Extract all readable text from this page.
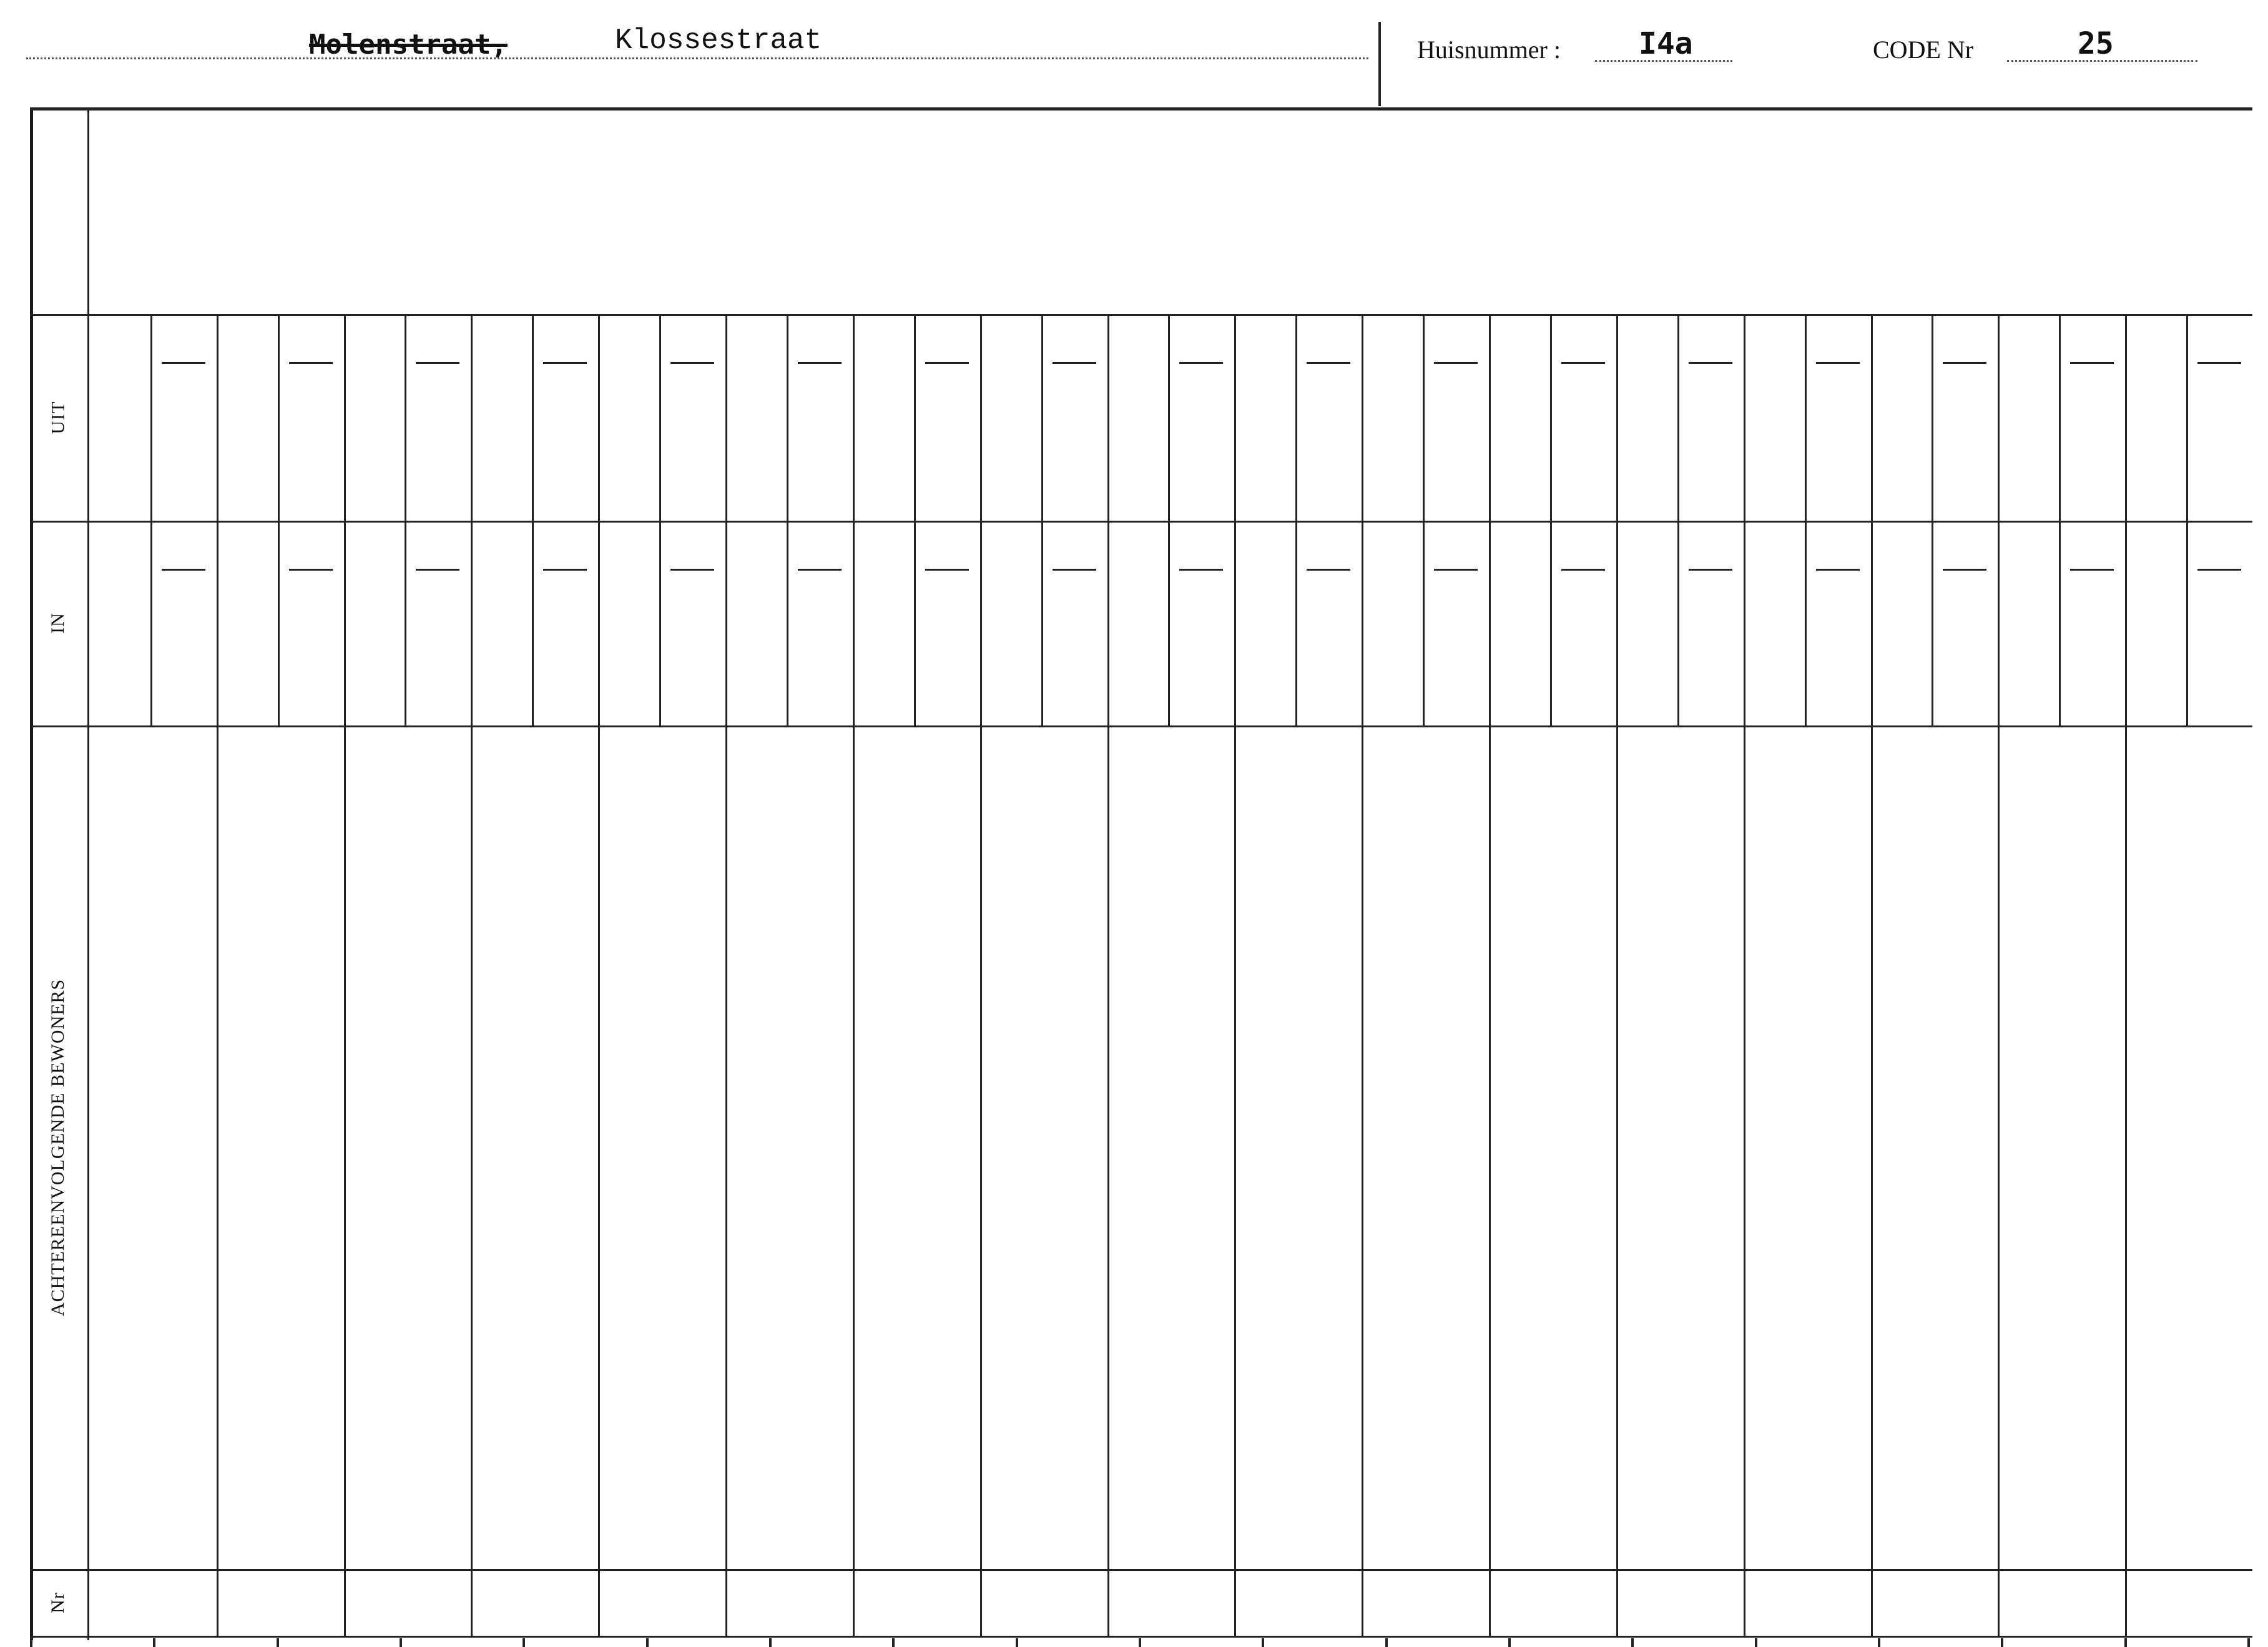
Molenstraat,	Klossestraat	Huisnummer :	I4a	CODE Nr	25
UIT
IN
ACHTEREENVOLGENDE BEWONERS
Nr
